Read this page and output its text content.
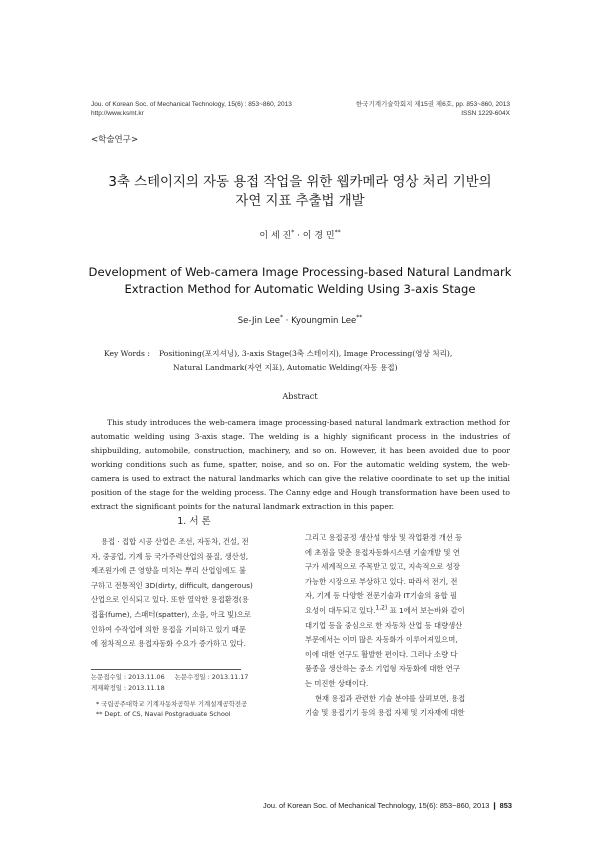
Jou. of Korean Soc. of Mechanical Technology, 15(6) : 853~860, 2013
http://www.ksmt.kr
한국기계기술학회지 제15권 제6호, pp. 853~860, 2013
ISSN 1229-604X
<학술연구>
3축 스테이지의 자동 용접 작업을 위한 웹카메라 영상 처리 기반의
자연 지표 추출법 개발
이 세 진* · 이 경 민**
Development of Web-camera Image Processing-based Natural Landmark
Extraction Method for Automatic Welding Using 3-axis Stage
Se-Jin Lee* · Kyoungmin Lee**
Key Words : Positioning(포지셔닝), 3-axis Stage(3축 스테이지), Image Processing(영상 처리),
Natural Landmark(자연 지표), Automatic Welding(자동 용접)
Abstract
This study introduces the web-camera image processing-based natural landmark extraction method for automatic welding using 3-axis stage. The welding is a highly significant process in the industries of shipbuilding, automobile, construction, machinery, and so on. However, it has been avoided due to poor working conditions such as fume, spatter, noise, and so on. For the automatic welding system, the web-camera is used to extract the natural landmarks which can give the relative coordinate to set up the initial position of the stage for the welding process. The Canny edge and Hough transformation have been used to extract the significant points for the natural landmark extraction in this paper.
1. 서 론

용접 · 접합 시공 산업은 조선, 자동차, 건설, 전
자, 중공업, 기계 등 국가주력산업의 품질, 생산성,
제조원가에 큰 영향을 미치는 뿌리 산업임에도 불
구하고 전통적인 3D(dirty, difficult, dangerous)
산업으로 인식되고 있다. 또한 열악한 용접환경(용
접흄(fume), 스패터(spatter), 소음, 아크 빛)으로
인하여 수작업에 의한 용접을 기피하고 있기 때문
에 점차적으로 용접자동화 수요가 증가하고 있다.

논문접수일 : 2013.11.06 논문수정일 : 2013.11.17
게재확정일 : 2013.11.18
* 국립공주대학교 기계자동차공학부 기계설계공학전공
** Dept. of CS, Naval Postgraduate School

그리고 용접공정 생산성 향상 및 작업환경 개선 등
에 초점을 맞춘 용접자동화시스템 기술개발 및 연
구가 세계적으로 주목받고 있고, 지속적으로 성장
가능한 시장으로 부상하고 있다. 따라서 전기, 전
자, 기계 등 다양한 전문기술과 IT기술의 융합 필
요성이 대두되고 있다.$^{1,2)}$ 표 1에서 보는바와 같이
대기업 등을 중심으로 한 자동차 산업 등 대량생산
부문에서는 이미 많은 자동화가 이루어져있으며,
이에 대한 연구도 활발한 편이다. 그러나 소량 다
품종을 생산하는 중소 기업형 자동화에 대한 연구
는 미진한 상태이다.

현재 용접과 관련한 기술 분야를 살펴보면, 용접
기술 및 용접기기 등의 용접 자체 및 기자재에 대한

Jou. of Korean Soc. of Mechanical Technology, 15(6): 853~860, 2013 ❙ 853
